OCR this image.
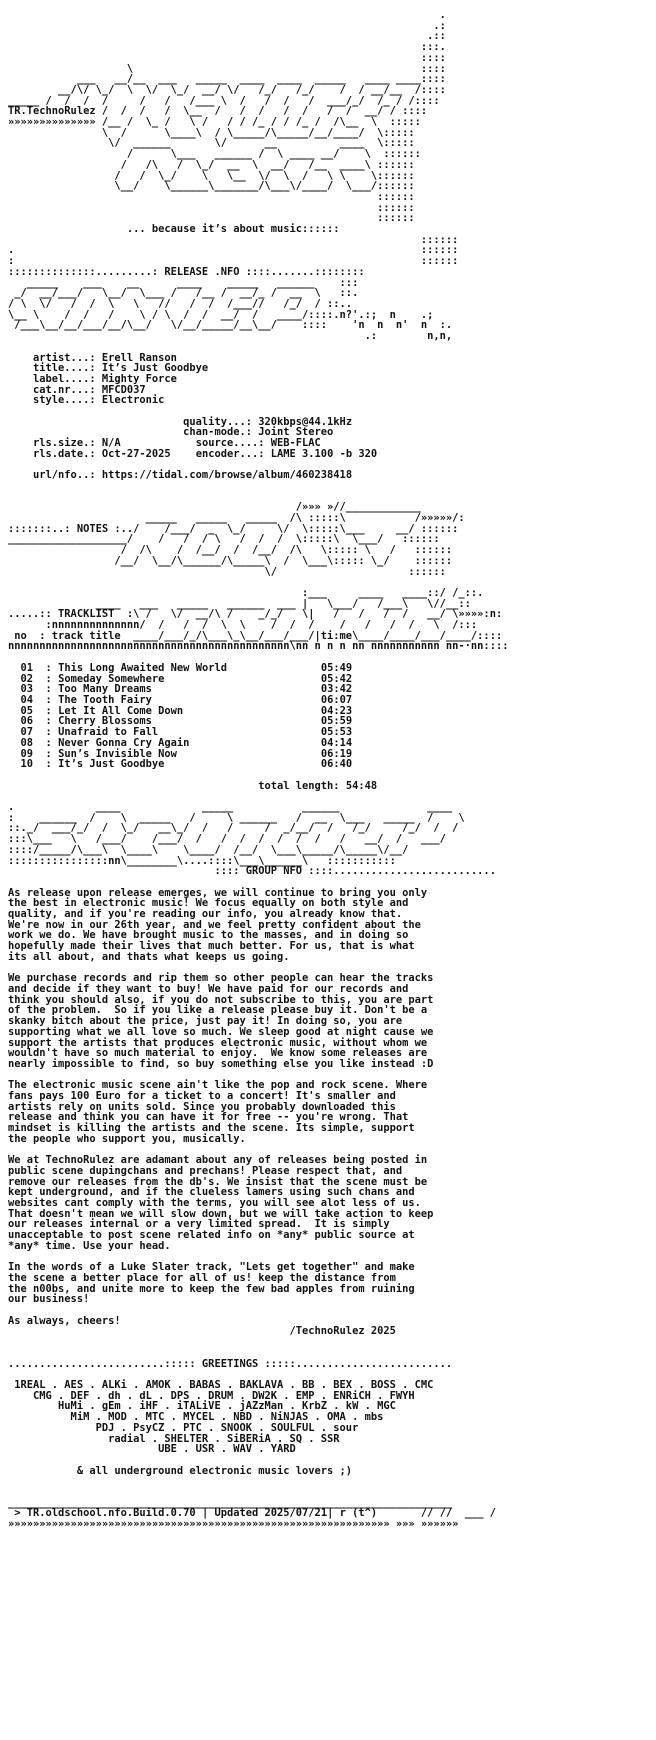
.
.:
.::
:::.
::::
\                                              ::::
___   __/__  ___   _____  ____  ____  _____   ____ ____::::
__/\/ \_/  \  \/  \_/  __/ \/   /_/   /_/    /  / __/__  /::::
_____ /  /  /  /     /   /   /___ \  /   /  /   /  ___/_/  /_ / /::::
TR.TechnoRulez /  /  /   /  \__  /   /  /   /  /   /  /  __/ / ::::
»»»»»»»»»»»»»» /__ /  \_ /   \ /   / / /_ / / /_ /  /\__  \  :::::
\  /      \____\  / \_____/\_____/__/____/  \:::::
\/  ______       \/      __          ____  \:::::
/      \___   ______ /  \ ____ __/    \  ::::::
/   /\   /  \_/  __  \  __/   /__  ____\ ::::::
/   /  \_/    \   \__  \/  \  /   \ \    \::::::
\__/    \______\_______/\___\/____/  \___/::::::
::::::
::::::
::::::
... because it’s about music::::::
::::::
.                                                                 ::::::
:                                                                 ::::::
::::::::::::::.........: RELEASE .NFO ::::.......::::::::
_____    ___    __      ____    _____   ______    :::
_/  __/___/   \__/  \___ /   /__ /  __/_ /  __  \   ::.
/ \  \/   /  /  \   \   //   /  /  /___//   /_/  / ::..
\__ \    /  /   /    \ / \  /  /  __/  /   ____/::::.n?'.:;  n    .;
/___\__/__/___/__/\__/   \/__/_____/__\__/    ::::    'n  n  n'  n  :.
.:        n,n,

artist...: Erell Ranson
title....: It’s Just Goodbye
label....: Mighty Force
cat.nr...: MFCD037
style....: Electronic

quality...: 320kbps@44.1kHz
chan-mode.: Joint Stereo
rls.size.: N/A            source....: WEB-FLAC
rls.date.: Oct-27-2025    encoder...: LAME 3.100 -b 320

url/nfo..: https://tidal.com/browse/album/460238418

/»»» »//____________
_____   _____   _____  /\ :::::\           /»»»»»/:
:::::::..: NOTES :../    /___/  _  \_/     \/  \:::::\___     __/ ::::::
___________________/    /   /  / \   /  /  /  \:::::\  \___/   ::::::
/  /\    /  /__/  /  /__/  /\   \::::: \   /   ::::::
/__/  \__/\______/\_____\  /  \___\::::: \_/    ::::::
\/                     ::::::

:___     ____   ____::/ /_::.
____   ___   _____   ______  ___ |   \___/   /___\   \//__::
.....:: TRACKLIST  :\ /   \/  __/\ /    _/_/   \|   /   /   /  /   __/ \»»»»:n:
:nnnnnnnnnnnnnn/  /   /  /  \  \    /  /  /    /   /   /  /   \  /:::
no  : track title  ____/___/_/\___\_\__/___/___/|ti:me\____/____/___/____/::::
nnnnnnnnnnnnnnnnnnnnnnnnnnnnnnnnnnnnnnnnnnnnn\nn n n n nn nnnnnnnnnnn nn-·nn::::

01  : This Long Awaited New World               05:49
02  : Someday Somewhere                         05:42
03  : Too Many Dreams                           03:42
04  : The Tooth Fairy                           06:07
05  : Let It All Come Down                      04:23
06  : Cherry Blossoms                           05:59
07  : Unafraid to Fall                          05:53
08  : Never Gonna Cry Again                     04:14
09  : Sun’s Invisible Now                       06:19
10  : It’s Just Goodbye                         06:40

total length: 54:48

.             ____             _____           ______              ____
:    ______  /    \  _____   /     \ ______   /  __  \___   _____  /    \
::._/  ___/_/  /  \_/   __\_/  /   /     /  _/__/  /   /_/     /_/  /  /
:::\___   \   /___/    /___/  /   /  /  /  /  /  /   /   __/  /   ___/
::::/_____/\___\  \____\    \____/  /__/  \___\_____/\_____\/__/
::::::::::::::::nn\________\....::::\___\______\   :::::::::::
:::: GROUP NFO ::::..........................

As release upon release emerges, we will continue to bring you only
the best in electronic music! We focus equally on both style and
quality, and if you're reading our info, you already know that.
We're now in our 26th year, and we feel pretty confident about the
work we do. We have brought music to the masses, and in doing so
hopefully made their lives that much better. For us, that is what
its all about, and thats what keeps us going.

We purchase records and rip them so other people can hear the tracks
and decide if they want to buy! We have paid for our records and
think you should also, if you do not subscribe to this, you are part
of the problem.  So if you like a release please buy it. Don't be a
skanky bitch about the price, just pay it! In doing so, you are
supporting what we all love so much. We sleep good at night cause we
support the artists that produces electronic music, without whom we
wouldn't have so much material to enjoy.  We know some releases are
nearly impossible to find, so buy something else you like instead :D

The electronic music scene ain't like the pop and rock scene. Where
fans pays 100 Euro for a ticket to a concert! It's smaller and
artists rely on units sold. Since you probably downloaded this
release and think you can have it for free -- you're wrong. That
mindset is killing the artists and the scene. Its simple, support
the people who support you, musically.

We at TechnoRulez are adamant about any of releases being posted in
public scene dupingchans and prechans! Please respect that, and
remove our releases from the db's. We insist that the scene must be
kept underground, and if the clueless lamers using such chans and
websites cant comply with the terms, you will see alot less of us.
That doesn't mean we will slow down, but we will take action to keep
our releases internal or a very limited spread.  It is simply
unacceptable to post scene related info on *any* public source at
*any* time. Use your head.

In the words of a Luke Slater track, "Lets get together" and make
the scene a better place for all of us! keep the distance from
the n00bs, and unite more to keep the few bad apples from ruining
our business!

As always, cheers!
/TechnoRulez 2025

.........................::::: GREETINGS :::::.........................

1REAL . AES . ALKi . AMOK . BABAS . BAKLAVA . BB . BEX . BOSS . CMC
CMG . DEF . dh . dL . DPS . DRUM . DW2K . EMP . ENRiCH . FWYH
HuMi . gEm . iHF . iTALiVE . jAZzMan . KrbZ . kW . MGC
MiM . MOD . MTC . MYCEL . NBD . NiNJAS . OMA . mbs
PDJ . PsyCZ . PTC . SNOOK . SOULFUL . sour
radial . SHELTER . SiBERiA . SQ . SSR
UBE . USR . WAV . YARD

& all underground electronic music lovers ;)

_______________________________________________________________________
> TR.oldschool.nfo.Build.0.70 | Updated 2025/07/21| r (t^)       // //  ___ /
»»»»»»»»»»»»»»»»»»»»»»»»»»»»»»»»»»»»»»»»»»»»»»»»»»»»»»»»»»»»» »»» »»»»»»
